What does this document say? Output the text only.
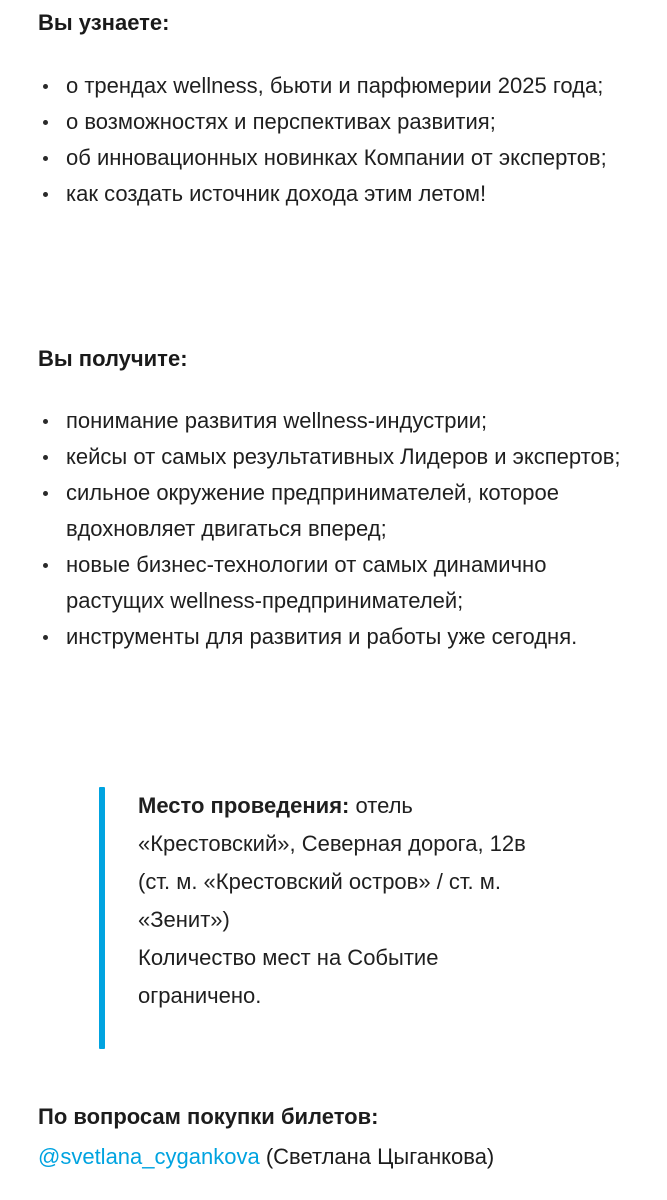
Вы узнаете:
о трендах wellness, бьюти и парфюмерии 2025 года;
о возможностях и перспективах развития;
об инновационных новинках Компании от экспертов;
как создать источник дохода этим летом!
Вы получите:
понимание развития wellness-индустрии;
кейсы от самых результативных Лидеров и экспертов;
сильное окружение предпринимателей, которое вдохновляет двигаться вперед;
новые бизнес-технологии от самых динамично растущих wellness-предпринимателей;
инструменты для развития и работы уже сегодня.
Место проведения: отель «Крестовский», Северная дорога, 12в (ст. м. «Крестовский остров» / ст. м. «Зенит»)
Количество мест на Событие ограничено.
По вопросам покупки билетов:
@svetlana_cygankova (Светлана Цыганкова)
